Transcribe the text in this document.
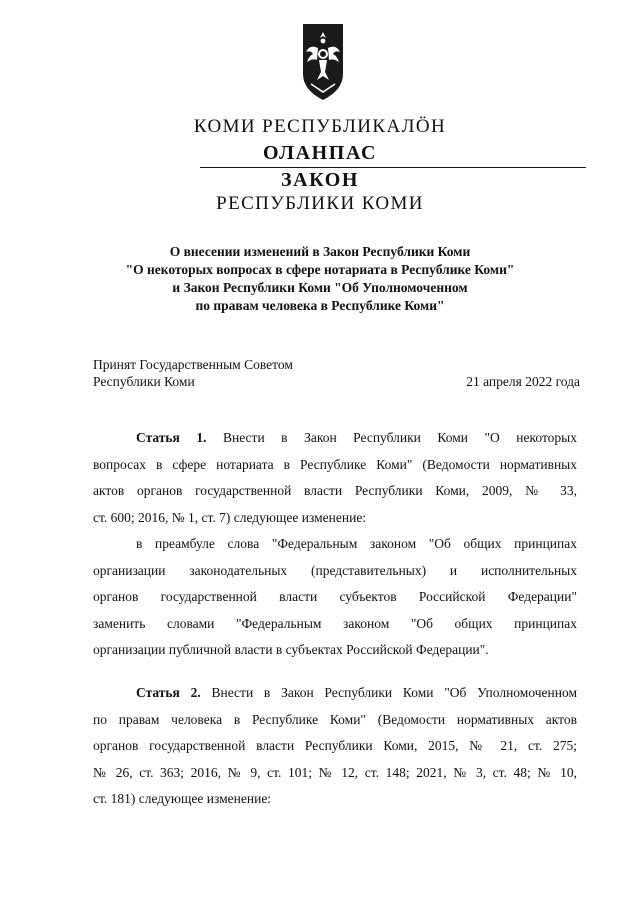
КОМИ РЕСПУБЛИКАЛӦН
ОЛАНПАС
ЗАКОН
РЕСПУБЛИКИ КОМИ
О внесении изменений в Закон Республики Коми
"О некоторых вопросах в сфере нотариата в Республике Коми"
и Закон Республики Коми "Об Уполномоченном
по правам человека в Республике Коми"
Принят Государственным Советом
Республики Коми	21 апреля 2022 года
Статья 1. Внести в Закон Республики Коми "О некоторых
вопросах в сфере нотариата в Республике Коми" (Ведомости нормативных
актов органов государственной власти Республики Коми, 2009, № 33,
ст. 600; 2016, № 1, ст. 7) следующее изменение:
в преамбуле слова "Федеральным законом "Об общих принципах
организации законодательных (представительных) и исполнительных
органов государственной власти субъектов Российской Федерации"
заменить словами "Федеральным законом "Об общих принципах
организации публичной власти в субъектах Российской Федерации".
Статья 2. Внести в Закон Республики Коми "Об Уполномоченном
по правам человека в Республике Коми" (Ведомости нормативных актов
органов государственной власти Республики Коми, 2015, № 21, ст. 275;
№ 26, ст. 363; 2016, № 9, ст. 101; № 12, ст. 148; 2021, № 3, ст. 48; № 10,
ст. 181) следующее изменение:
